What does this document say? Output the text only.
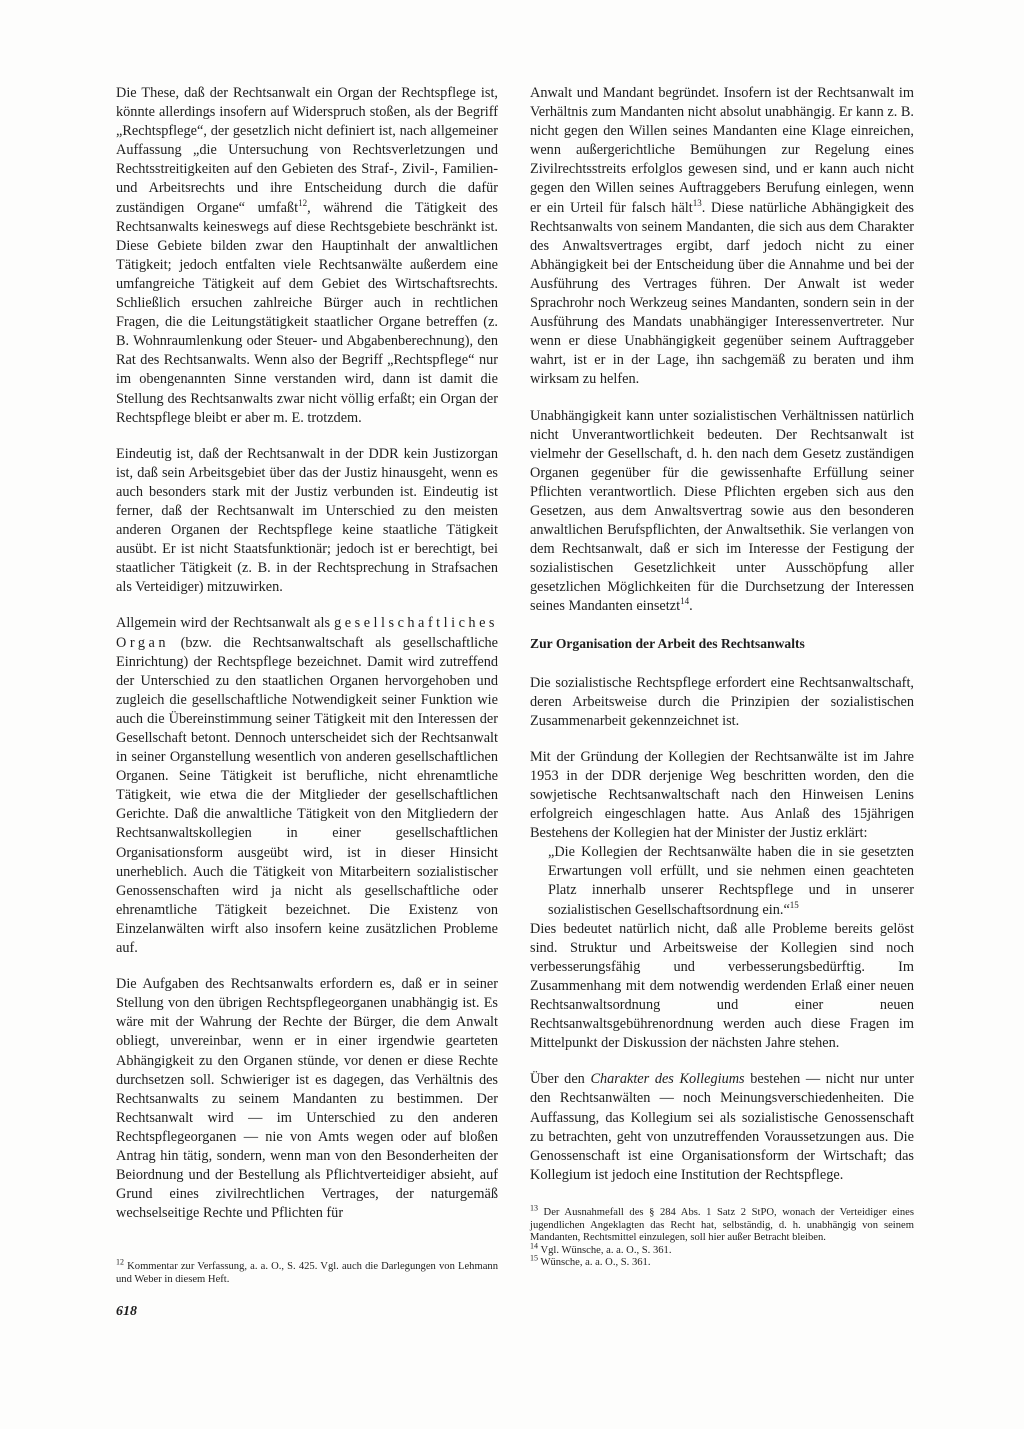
Die These, daß der Rechtsanwalt ein Organ der Rechtspflege ist, könnte allerdings insofern auf Widerspruch stoßen, als der Begriff „Rechtspflege“, der gesetzlich nicht definiert ist, nach allgemeiner Auffassung „die Untersuchung von Rechtsverletzungen und Rechtsstreitigkeiten auf den Gebieten des Straf-, Zivil-, Familien- und Arbeitsrechts und ihre Entscheidung durch die dafür zuständigen Organe“ umfaßt$^{12}$, während die Tätigkeit des Rechtsanwalts keineswegs auf diese Rechtsgebiete beschränkt ist. Diese Gebiete bilden zwar den Hauptinhalt der anwaltlichen Tätigkeit; jedoch entfalten viele Rechtsanwälte außerdem eine umfangreiche Tätigkeit auf dem Gebiet des Wirtschaftsrechts. Schließlich ersuchen zahlreiche Bürger auch in rechtlichen Fragen, die die Leitungstätigkeit staatlicher Organe betreffen (z. B. Wohnraumlenkung oder Steuer- und Abgabenberechnung), den Rat des Rechtsanwalts. Wenn also der Begriff „Rechtspflege“ nur im obengenannten Sinne verstanden wird, dann ist damit die Stellung des Rechtsanwalts zwar nicht völlig erfaßt; ein Organ der Rechtspflege bleibt er aber m. E. trotzdem.

Eindeutig ist, daß der Rechtsanwalt in der DDR kein Justizorgan ist, daß sein Arbeitsgebiet über das der Justiz hinausgeht, wenn es auch besonders stark mit der Justiz verbunden ist. Eindeutig ist ferner, daß der Rechtsanwalt im Unterschied zu den meisten anderen Organen der Rechtspflege keine staatliche Tätigkeit ausübt. Er ist nicht Staatsfunktionär; jedoch ist er berechtigt, bei staatlicher Tätigkeit (z. B. in der Rechtsprechung in Strafsachen als Verteidiger) mitzuwirken.

Allgemein wird der Rechtsanwalt als gesellschaftliches Organ (bzw. die Rechtsanwaltschaft als gesellschaftliche Einrichtung) der Rechtspflege bezeichnet. Damit wird zutreffend der Unterschied zu den staatlichen Organen hervorgehoben und zugleich die gesellschaftliche Notwendigkeit seiner Funktion wie auch die Übereinstimmung seiner Tätigkeit mit den Interessen der Gesellschaft betont. Dennoch unterscheidet sich der Rechtsanwalt in seiner Organstellung wesentlich von anderen gesellschaftlichen Organen. Seine Tätigkeit ist berufliche, nicht ehrenamtliche Tätigkeit, wie etwa die der Mitglieder der gesellschaftlichen Gerichte. Daß die anwaltliche Tätigkeit von den Mitgliedern der Rechtsanwaltskollegien in einer gesellschaftlichen Organisationsform ausgeübt wird, ist in dieser Hinsicht unerheblich. Auch die Tätigkeit von Mitarbeitern sozialistischer Genossenschaften wird ja nicht als gesellschaftliche oder ehrenamtliche Tätigkeit bezeichnet. Die Existenz von Einzelanwälten wirft also insofern keine zusätzlichen Probleme auf.

Die Aufgaben des Rechtsanwalts erfordern es, daß er in seiner Stellung von den übrigen Rechtspflegeorganen unabhängig ist. Es wäre mit der Wahrung der Rechte der Bürger, die dem Anwalt obliegt, unvereinbar, wenn er in einer irgendwie gearteten Abhängigkeit zu den Organen stünde, vor denen er diese Rechte durchsetzen soll. Schwieriger ist es dagegen, das Verhältnis des Rechtsanwalts zu seinem Mandanten zu bestimmen. Der Rechtsanwalt wird — im Unterschied zu den anderen Rechtspflegeorganen — nie von Amts wegen oder auf bloßen Antrag hin tätig, sondern, wenn man von den Besonderheiten der Beiordnung und der Bestellung als Pflichtverteidiger absieht, auf Grund eines zivilrechtlichen Vertrages, der naturgemäß wechselseitige Rechte und Pflichten für

Anwalt und Mandant begründet. Insofern ist der Rechtsanwalt im Verhältnis zum Mandanten nicht absolut unabhängig. Er kann z. B. nicht gegen den Willen seines Mandanten eine Klage einreichen, wenn außergerichtliche Bemühungen zur Regelung eines Zivilrechtsstreits erfolglos gewesen sind, und er kann auch nicht gegen den Willen seines Auftraggebers Berufung einlegen, wenn er ein Urteil für falsch hält$^{13}$. Diese natürliche Abhängigkeit des Rechtsanwalts von seinem Mandanten, die sich aus dem Charakter des Anwaltsvertrages ergibt, darf jedoch nicht zu einer Abhängigkeit bei der Entscheidung über die Annahme und bei der Ausführung des Vertrages führen. Der Anwalt ist weder Sprachrohr noch Werkzeug seines Mandanten, sondern sein in der Ausführung des Mandats unabhängiger Interessenvertreter. Nur wenn er diese Unabhängigkeit gegenüber seinem Auftraggeber wahrt, ist er in der Lage, ihn sachgemäß zu beraten und ihm wirksam zu helfen.

Unabhängigkeit kann unter sozialistischen Verhältnissen natürlich nicht Unverantwortlichkeit bedeuten. Der Rechtsanwalt ist vielmehr der Gesellschaft, d. h. den nach dem Gesetz zuständigen Organen gegenüber für die gewissenhafte Erfüllung seiner Pflichten verantwortlich. Diese Pflichten ergeben sich aus den Gesetzen, aus dem Anwaltsvertrag sowie aus den besonderen anwaltlichen Berufspflichten, der Anwaltsethik. Sie verlangen von dem Rechtsanwalt, daß er sich im Interesse der Festigung der sozialistischen Gesetzlichkeit unter Ausschöpfung aller gesetzlichen Möglichkeiten für die Durchsetzung der Interessen seines Mandanten einsetzt$^{14}$.

Zur Organisation der Arbeit des Rechtsanwalts

Die sozialistische Rechtspflege erfordert eine Rechtsanwaltschaft, deren Arbeitsweise durch die Prinzipien der sozialistischen Zusammenarbeit gekennzeichnet ist.

Mit der Gründung der Kollegien der Rechtsanwälte ist im Jahre 1953 in der DDR derjenige Weg beschritten worden, den die sowjetische Rechtsanwaltschaft nach den Hinweisen Lenins erfolgreich eingeschlagen hatte. Aus Anlaß des 15jährigen Bestehens der Kollegien hat der Minister der Justiz erklärt:

„Die Kollegien der Rechtsanwälte haben die in sie gesetzten Erwartungen voll erfüllt, und sie nehmen einen geachteten Platz innerhalb unserer Rechtspflege und in unserer sozialistischen Gesellschaftsordnung ein.“$^{15}$

Dies bedeutet natürlich nicht, daß alle Probleme bereits gelöst sind. Struktur und Arbeitsweise der Kollegien sind noch verbesserungsfähig und verbesserungsbedürftig. Im Zusammenhang mit dem notwendig werdenden Erlaß einer neuen Rechtsanwaltsordnung und einer neuen Rechtsanwaltsgebührenordnung werden auch diese Fragen im Mittelpunkt der Diskussion der nächsten Jahre stehen.

Über den Charakter des Kollegiums bestehen — nicht nur unter den Rechtsanwälten — noch Meinungsverschiedenheiten. Die Auffassung, das Kollegium sei als sozialistische Genossenschaft zu betrachten, geht von unzutreffenden Voraussetzungen aus. Die Genossenschaft ist eine Organisationsform der Wirtschaft; das Kollegium ist jedoch eine Institution der Rechtspflege.

$^{12}$ Kommentar zur Verfassung, a. a. O., S. 425. Vgl. auch die Darlegungen von Lehmann und Weber in diesem Heft.

$^{13}$ Der Ausnahmefall des § 284 Abs. 1 Satz 2 StPO, wonach der Verteidiger eines jugendlichen Angeklagten das Recht hat, selbständig, d. h. unabhängig von seinem Mandanten, Rechtsmittel einzulegen, soll hier außer Betracht bleiben.

$^{14}$ Vgl. Wünsche, a. a. O., S. 361.

$^{15}$ Wünsche, a. a. O., S. 361.

618
